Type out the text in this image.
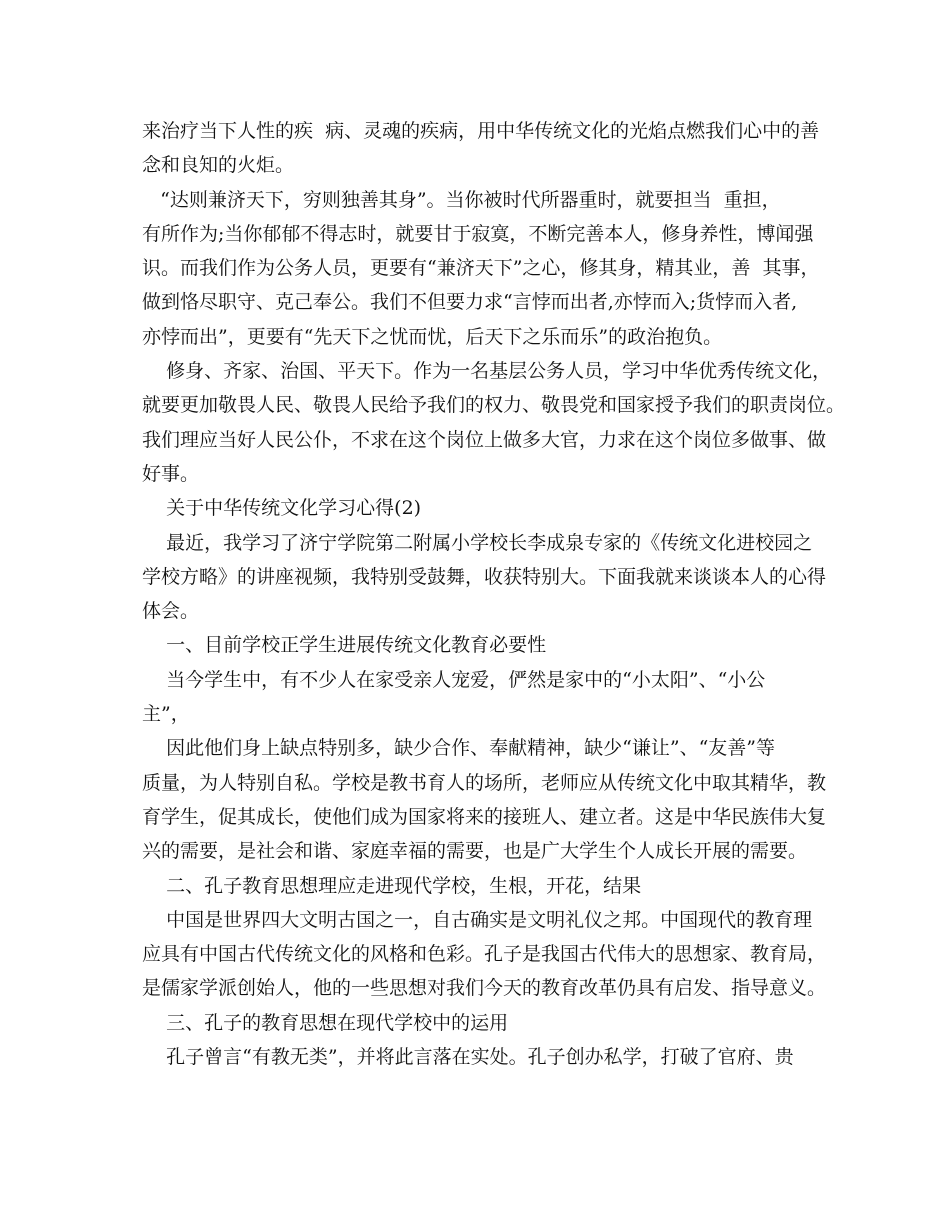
来治疗当下人性的疾  病、灵魂的疾病，用中华传统文化的光焰点燃我们心中的善
念和良知的火炬。
“达则兼济天下，穷则独善其身”。当你被时代所器重时，就要担当  重担，
有所作为;当你郁郁不得志时，就要甘于寂寞，不断完善本人，修身养性，博闻强
识。而我们作为公务人员，更要有“兼济天下”之心，修其身，精其业，善  其事，
做到恪尽职守、克己奉公。我们不但要力求“言悖而出者,亦悖而入;货悖而入者,
亦悖而出”，更要有“先天下之忧而忧，后天下之乐而乐”的政治抱负。
修身、齐家、治国、平天下。作为一名基层公务人员，学习中华优秀传统文化，
就要更加敬畏人民、敬畏人民给予我们的权力、敬畏党和国家授予我们的职责岗位。
我们理应当好人民公仆，不求在这个岗位上做多大官，力求在这个岗位多做事、做
好事。
关于中华传统文化学习心得(2)
最近，我学习了济宁学院第二附属小学校长李成泉专家的《传统文化进校园之
学校方略》的讲座视频，我特别受鼓舞，收获特别大。下面我就来谈谈本人的心得
体会。
一、目前学校正学生进展传统文化教育必要性
当今学生中，有不少人在家受亲人宠爱，俨然是家中的“小太阳”、“小公
主”，
因此他们身上缺点特别多，缺少合作、奉献精神，缺少“谦让”、“友善”等
质量，为人特别自私。学校是教书育人的场所，老师应从传统文化中取其精华，教
育学生，促其成长，使他们成为国家将来的接班人、建立者。这是中华民族伟大复
兴的需要，是社会和谐、家庭幸福的需要，也是广大学生个人成长开展的需要。
二、孔子教育思想理应走进现代学校，生根，开花，结果
中国是世界四大文明古国之一，自古确实是文明礼仪之邦。中国现代的教育理
应具有中国古代传统文化的风格和色彩。孔子是我国古代伟大的思想家、教育局，
是儒家学派创始人，他的一些思想对我们今天的教育改革仍具有启发、指导意义。
三、孔子的教育思想在现代学校中的运用
孔子曾言“有教无类”，并将此言落在实处。孔子创办私学，打破了官府、贵
